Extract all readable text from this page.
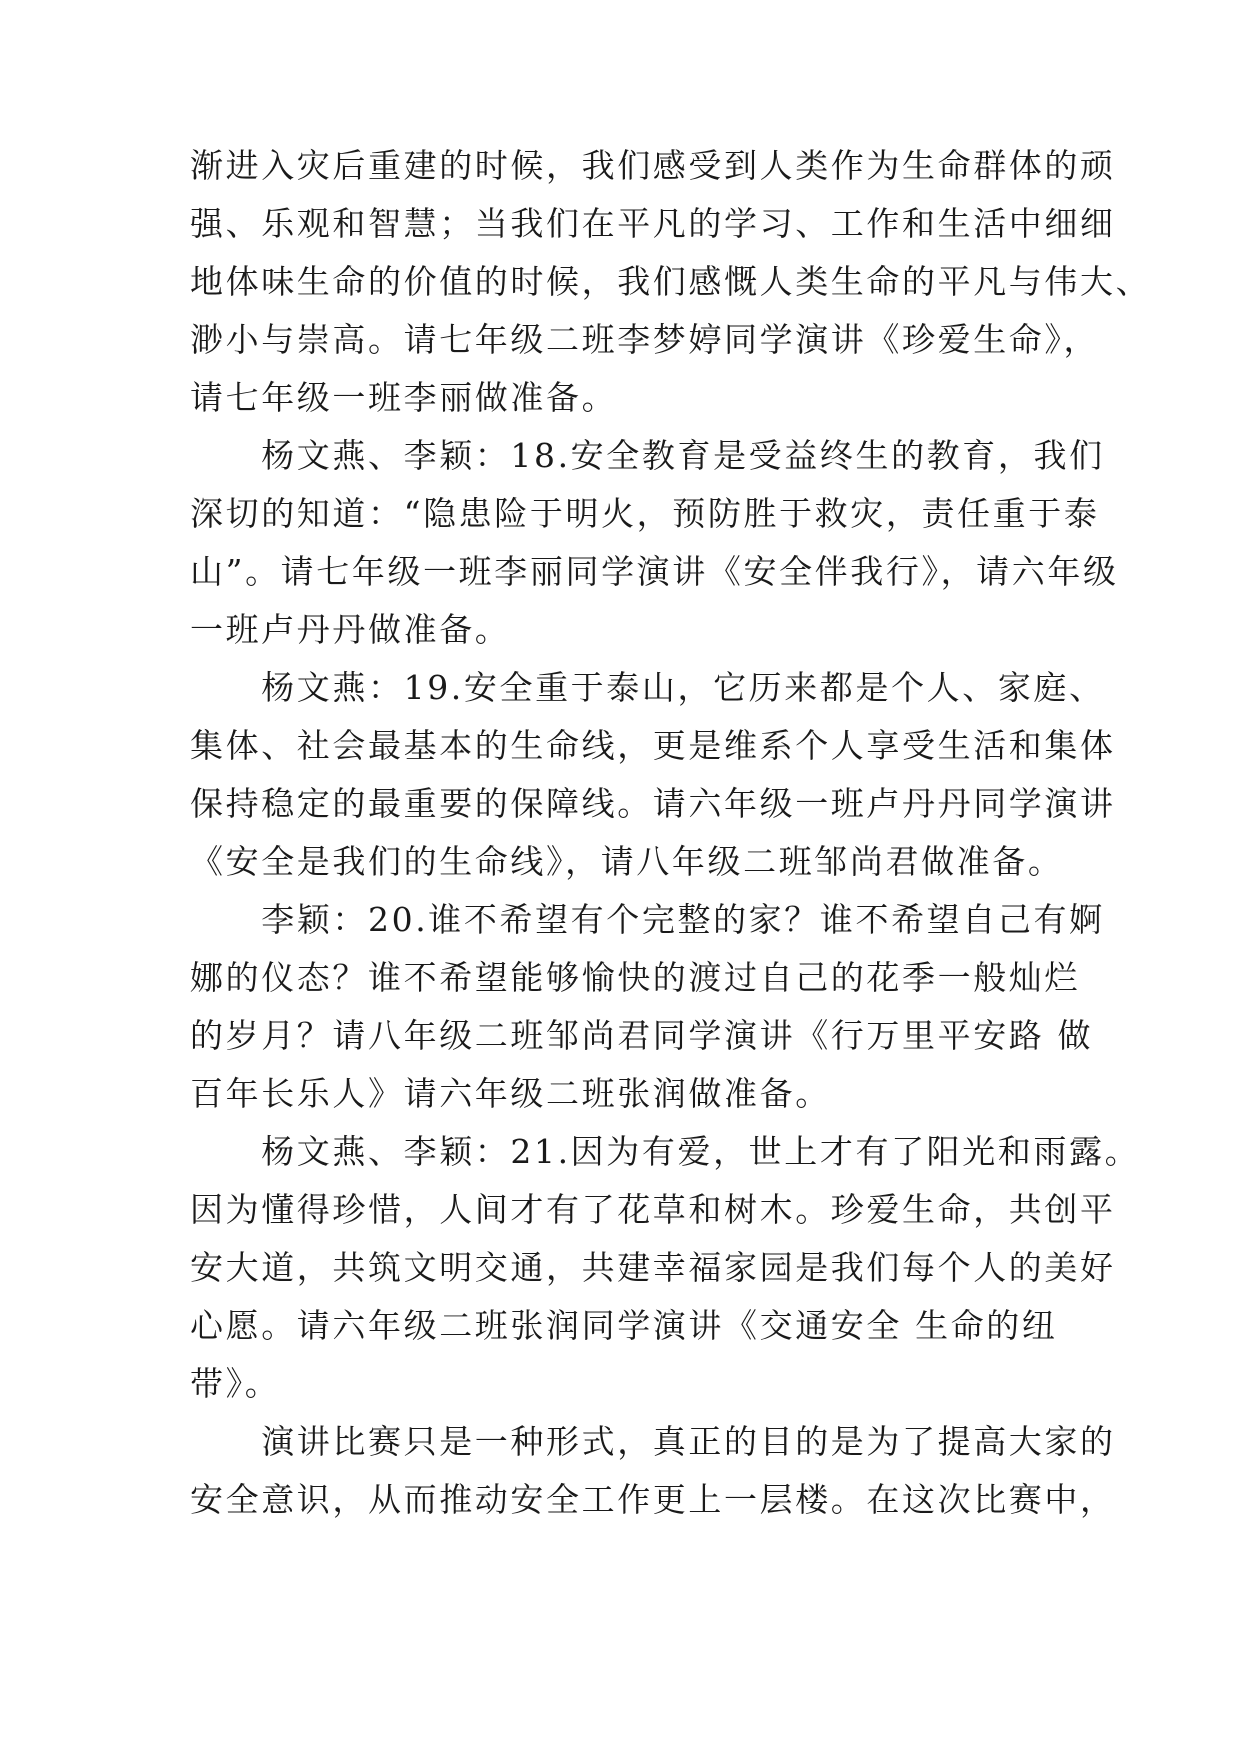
渐进入灾后重建的时候，我们感受到人类作为生命群体的顽
强、乐观和智慧；当我们在平凡的学习、工作和生活中细细
地体味生命的价值的时候，我们感慨人类生命的平凡与伟大、
渺小与崇高。请七年级二班李梦婷同学演讲《珍爱生命》，
请七年级一班李丽做准备。
　　杨文燕、李颖：18.安全教育是受益终生的教育，我们
深切的知道：“隐患险于明火，预防胜于救灾，责任重于泰
山”。请七年级一班李丽同学演讲《安全伴我行》，请六年级
一班卢丹丹做准备。
　　杨文燕：19.安全重于泰山，它历来都是个人、家庭、
集体、社会最基本的生命线，更是维系个人享受生活和集体
保持稳定的最重要的保障线。请六年级一班卢丹丹同学演讲
《安全是我们的生命线》，请八年级二班邹尚君做准备。
　　李颖：20.谁不希望有个完整的家？谁不希望自己有婀
娜的仪态？谁不希望能够愉快的渡过自己的花季一般灿烂
的岁月？请八年级二班邹尚君同学演讲《行万里平安路 做
百年长乐人》请六年级二班张润做准备。
　　杨文燕、李颖：21.因为有爱，世上才有了阳光和雨露。
因为懂得珍惜，人间才有了花草和树木。珍爱生命，共创平
安大道，共筑文明交通，共建幸福家园是我们每个人的美好
心愿。请六年级二班张润同学演讲《交通安全 生命的纽
带》。
　　演讲比赛只是一种形式，真正的目的是为了提高大家的
安全意识，从而推动安全工作更上一层楼。在这次比赛中，
